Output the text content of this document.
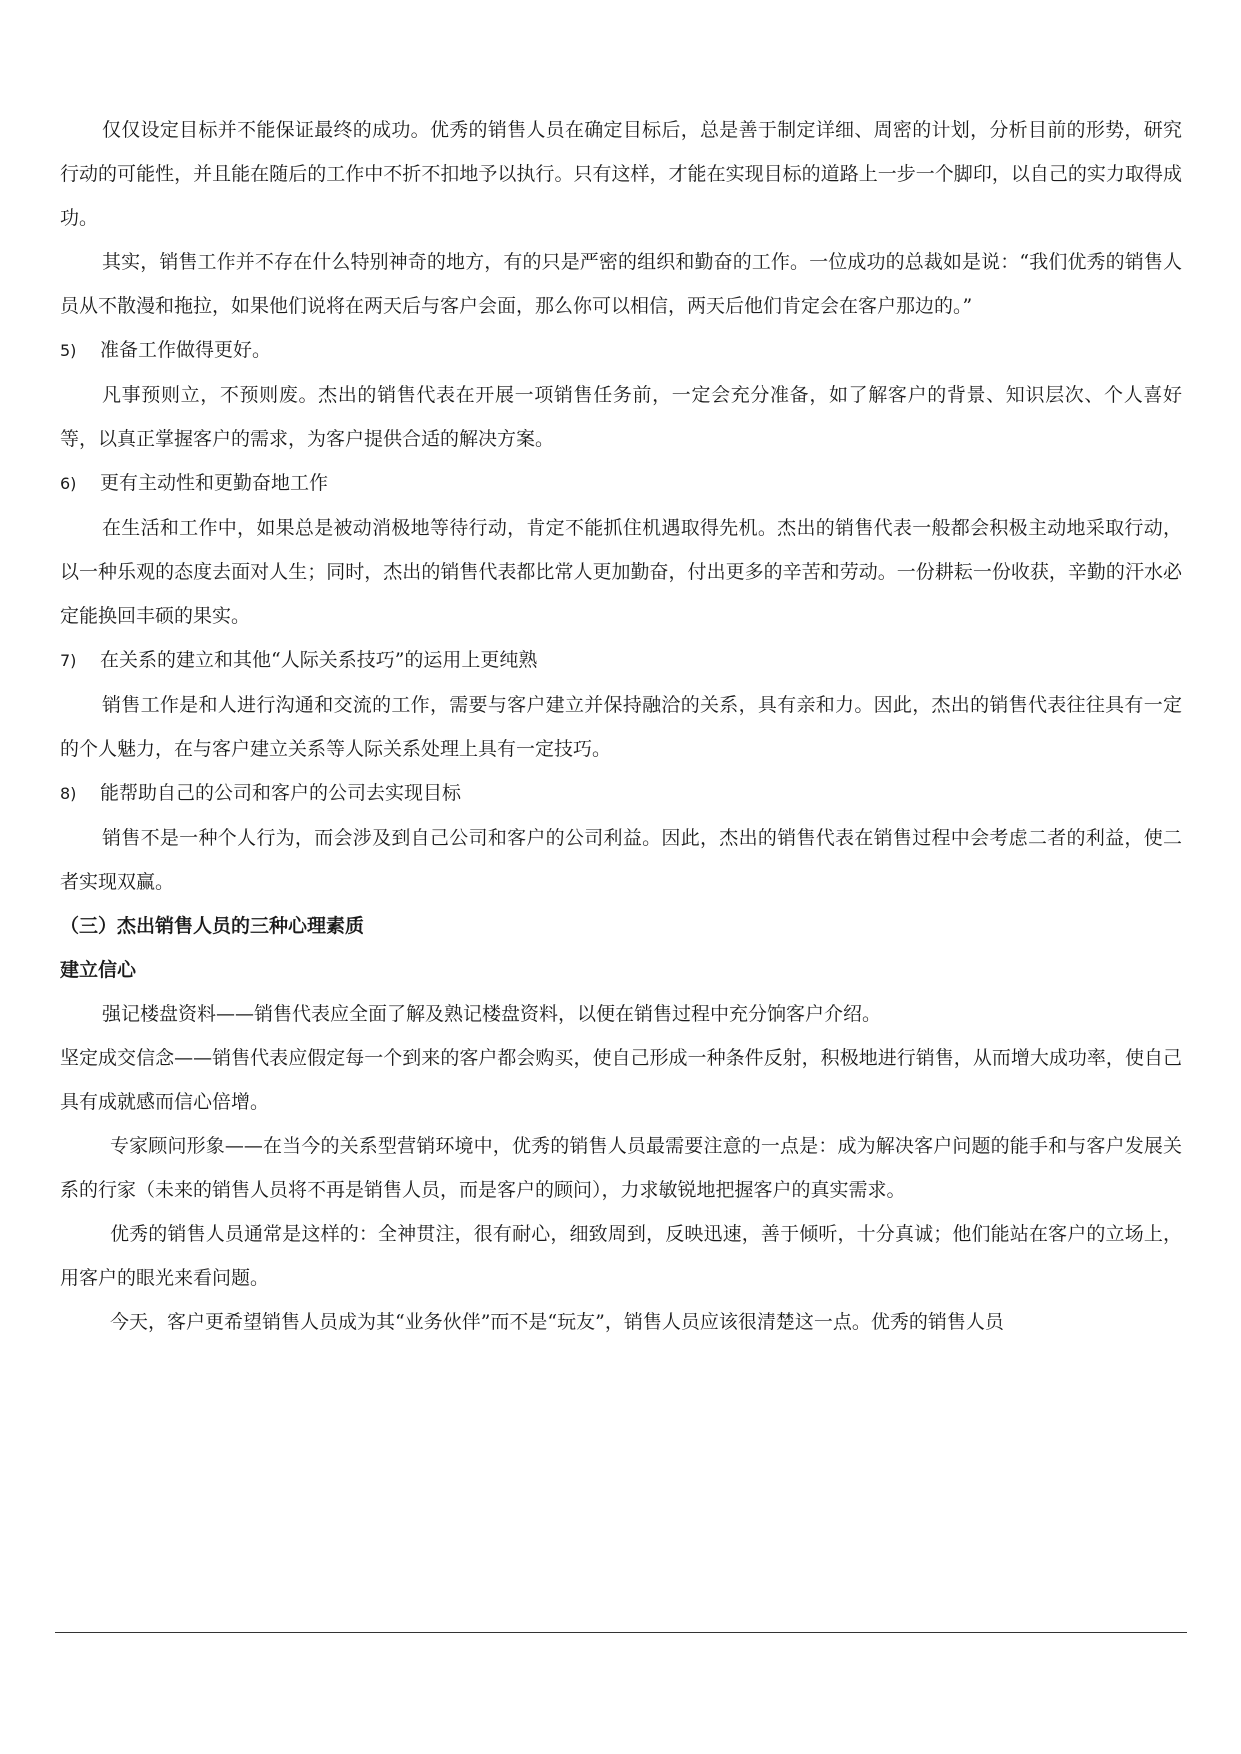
仅仅设定目标并不能保证最终的成功。优秀的销售人员在确定目标后，总是善于制定详细、周密的计划，分析目前的形势，研究行动的可能性，并且能在随后的工作中不折不扣地予以执行。只有这样，才能在实现目标的道路上一步一个脚印，以自己的实力取得成功。

其实，销售工作并不存在什么特别神奇的地方，有的只是严密的组织和勤奋的工作。一位成功的总裁如是说：“我们优秀的销售人员从不散漫和拖拉，如果他们说将在两天后与客户会面，那么你可以相信，两天后他们肯定会在客户那边的。”

5) 准备工作做得更好。

凡事预则立，不预则废。杰出的销售代表在开展一项销售任务前，一定会充分准备，如了解客户的背景、知识层次、个人喜好等，以真正掌握客户的需求，为客户提供合适的解决方案。

6) 更有主动性和更勤奋地工作

在生活和工作中，如果总是被动消极地等待行动，肯定不能抓住机遇取得先机。杰出的销售代表一般都会积极主动地采取行动，以一种乐观的态度去面对人生；同时，杰出的销售代表都比常人更加勤奋，付出更多的辛苦和劳动。一份耕耘一份收获，辛勤的汗水必定能换回丰硕的果实。

7) 在关系的建立和其他“人际关系技巧”的运用上更纯熟

销售工作是和人进行沟通和交流的工作，需要与客户建立并保持融洽的关系，具有亲和力。因此，杰出的销售代表往往具有一定的个人魅力，在与客户建立关系等人际关系处理上具有一定技巧。

8) 能帮助自己的公司和客户的公司去实现目标

销售不是一种个人行为，而会涉及到自己公司和客户的公司利益。因此，杰出的销售代表在销售过程中会考虑二者的利益，使二者实现双赢。

（三）杰出销售人员的三种心理素质

建立信心

强记楼盘资料——销售代表应全面了解及熟记楼盘资料，以便在销售过程中充分饷客户介绍。

坚定成交信念——销售代表应假定每一个到来的客户都会购买，使自己形成一种条件反射，积极地进行销售，从而增大成功率，使自己具有成就感而信心倍增。

专家顾问形象——在当今的关系型营销环境中，优秀的销售人员最需要注意的一点是：成为解决客户问题的能手和与客户发展关系的行家（未来的销售人员将不再是销售人员，而是客户的顾问），力求敏锐地把握客户的真实需求。

优秀的销售人员通常是这样的：全神贯注，很有耐心，细致周到，反映迅速，善于倾听，十分真诚；他们能站在客户的立场上，用客户的眼光来看问题。

今天，客户更希望销售人员成为其“业务伙伴”而不是“玩友”，销售人员应该很清楚这一点。优秀的销售人员
